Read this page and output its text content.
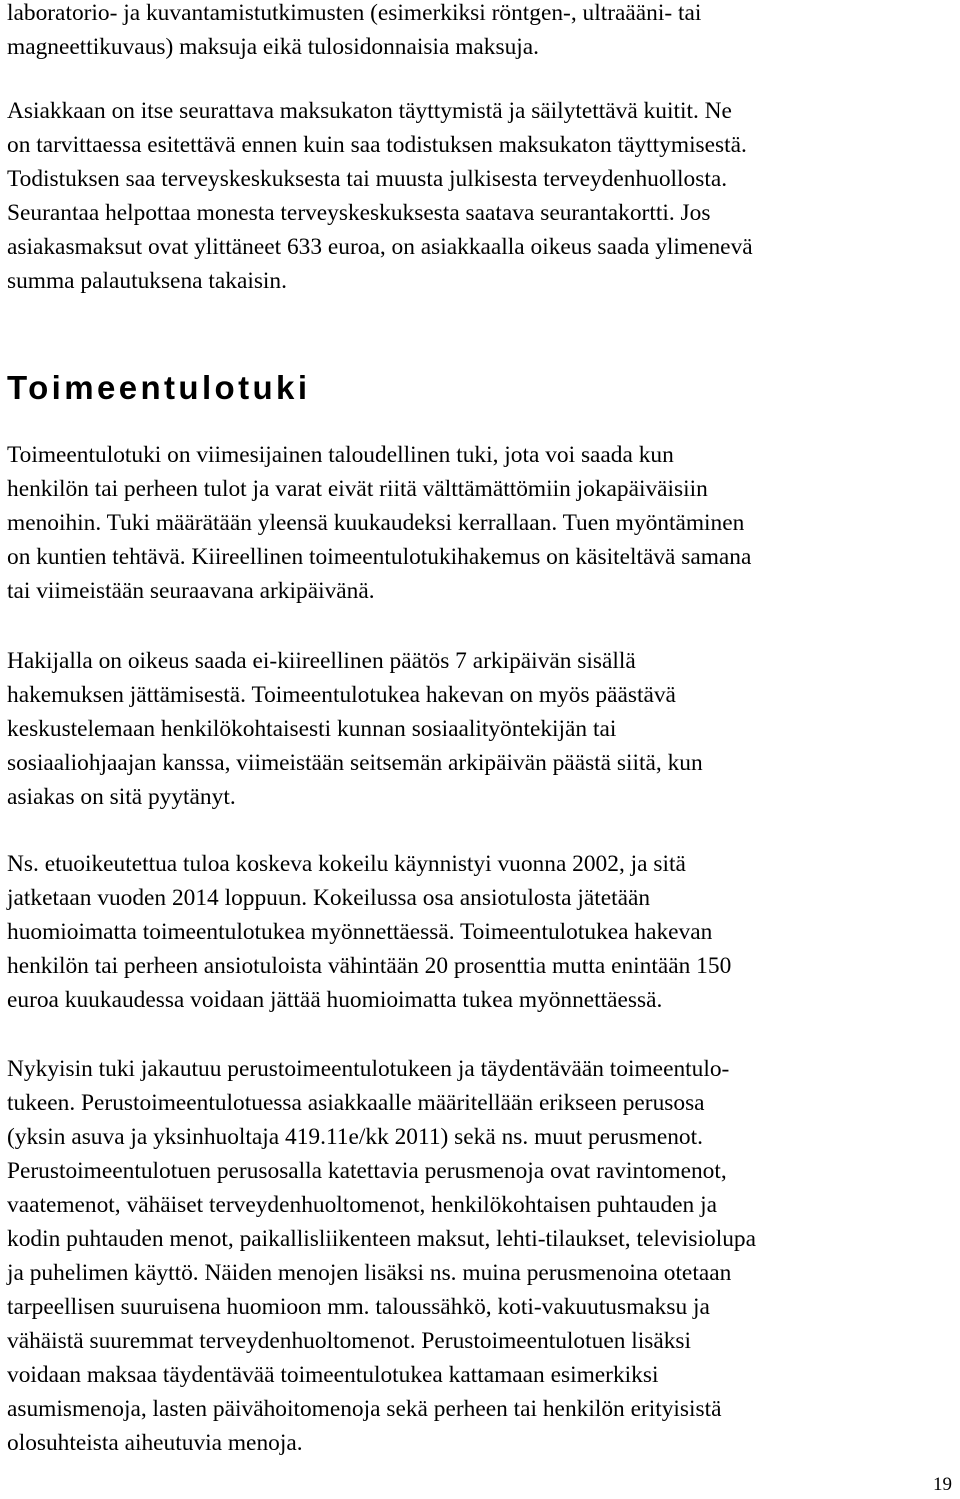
laboratorio- ja kuvantamistutkimusten (esimerkiksi röntgen-, ultraääni- tai
magneettikuvaus) maksuja eikä tulosidonnaisia maksuja.

Asiakkaan on itse seurattava maksukaton täyttymistä ja säilytettävä kuitit. Ne
on tarvittaessa esitettävä ennen kuin saa todistuksen maksukaton täyttymisestä.
Todistuksen saa terveyskeskuksesta tai muusta julkisesta terveydenhuollosta.
Seurantaa helpottaa monesta terveyskeskuksesta saatava seurantakortti. Jos
asiakasmaksut ovat ylittäneet 633 euroa, on asiakkaalla oikeus saada ylimenevä
summa palautuksena takaisin.

Toimeentulotuki

Toimeentulotuki on viimesijainen taloudellinen tuki, jota voi saada kun
henkilön tai perheen tulot ja varat eivät riitä välttämättömiin jokapäiväisiin
menoihin. Tuki määrätään yleensä kuukaudeksi kerrallaan. Tuen myöntäminen
on kuntien tehtävä. Kiireellinen toimeentulotukihakemus on käsiteltävä samana
tai viimeistään seuraavana arkipäivänä.

Hakijalla on oikeus saada ei-kiireellinen päätös 7 arkipäivän sisällä
hakemuksen jättämisestä. Toimeentulotukea hakevan on myös päästävä
keskustelemaan henkilökohtaisesti kunnan sosiaalityöntekijän tai
sosiaaliohjaajan kanssa, viimeistään seitsemän arkipäivän päästä siitä, kun
asiakas on sitä pyytänyt.

Ns. etuoikeutettua tuloa koskeva kokeilu käynnistyi vuonna 2002, ja sitä
jatketaan vuoden 2014 loppuun. Kokeilussa osa ansiotulosta jätetään
huomioimatta toimeentulotukea myönnettäessä. Toimeentulotukea hakevan
henkilön tai perheen ansiotuloista vähintään 20 prosenttia mutta enintään 150
euroa kuukaudessa voidaan jättää huomioimatta tukea myönnettäessä.

Nykyisin tuki jakautuu perustoimeentulotukeen ja täydentävään toimeentulo-
tukeen. Perustoimeentulotuessa asiakkaalle määritellään erikseen perusosa
(yksin asuva ja yksinhuoltaja 419.11e/kk 2011) sekä ns. muut perusmenot.
Perustoimeentulotuen perusosalla katettavia perusmenoja ovat ravintomenot,
vaatemenot, vähäiset terveydenhuoltomenot, henkilökohtaisen puhtauden ja
kodin puhtauden menot, paikallisliikenteen maksut, lehti-tilaukset, televisiolupa
ja puhelimen käyttö. Näiden menojen lisäksi ns. muina perusmenoina otetaan
tarpeellisen suuruisena huomioon mm. taloussähkö, koti-vakuutusmaksu ja
vähäistä suuremmat terveydenhuoltomenot. Perustoimeentulotuen lisäksi
voidaan maksaa täydentävää toimeentulotukea kattamaan esimerkiksi
asumismenoja, lasten päivähoitomenoja sekä perheen tai henkilön erityisistä
olosuhteista aiheutuvia menoja.

19
